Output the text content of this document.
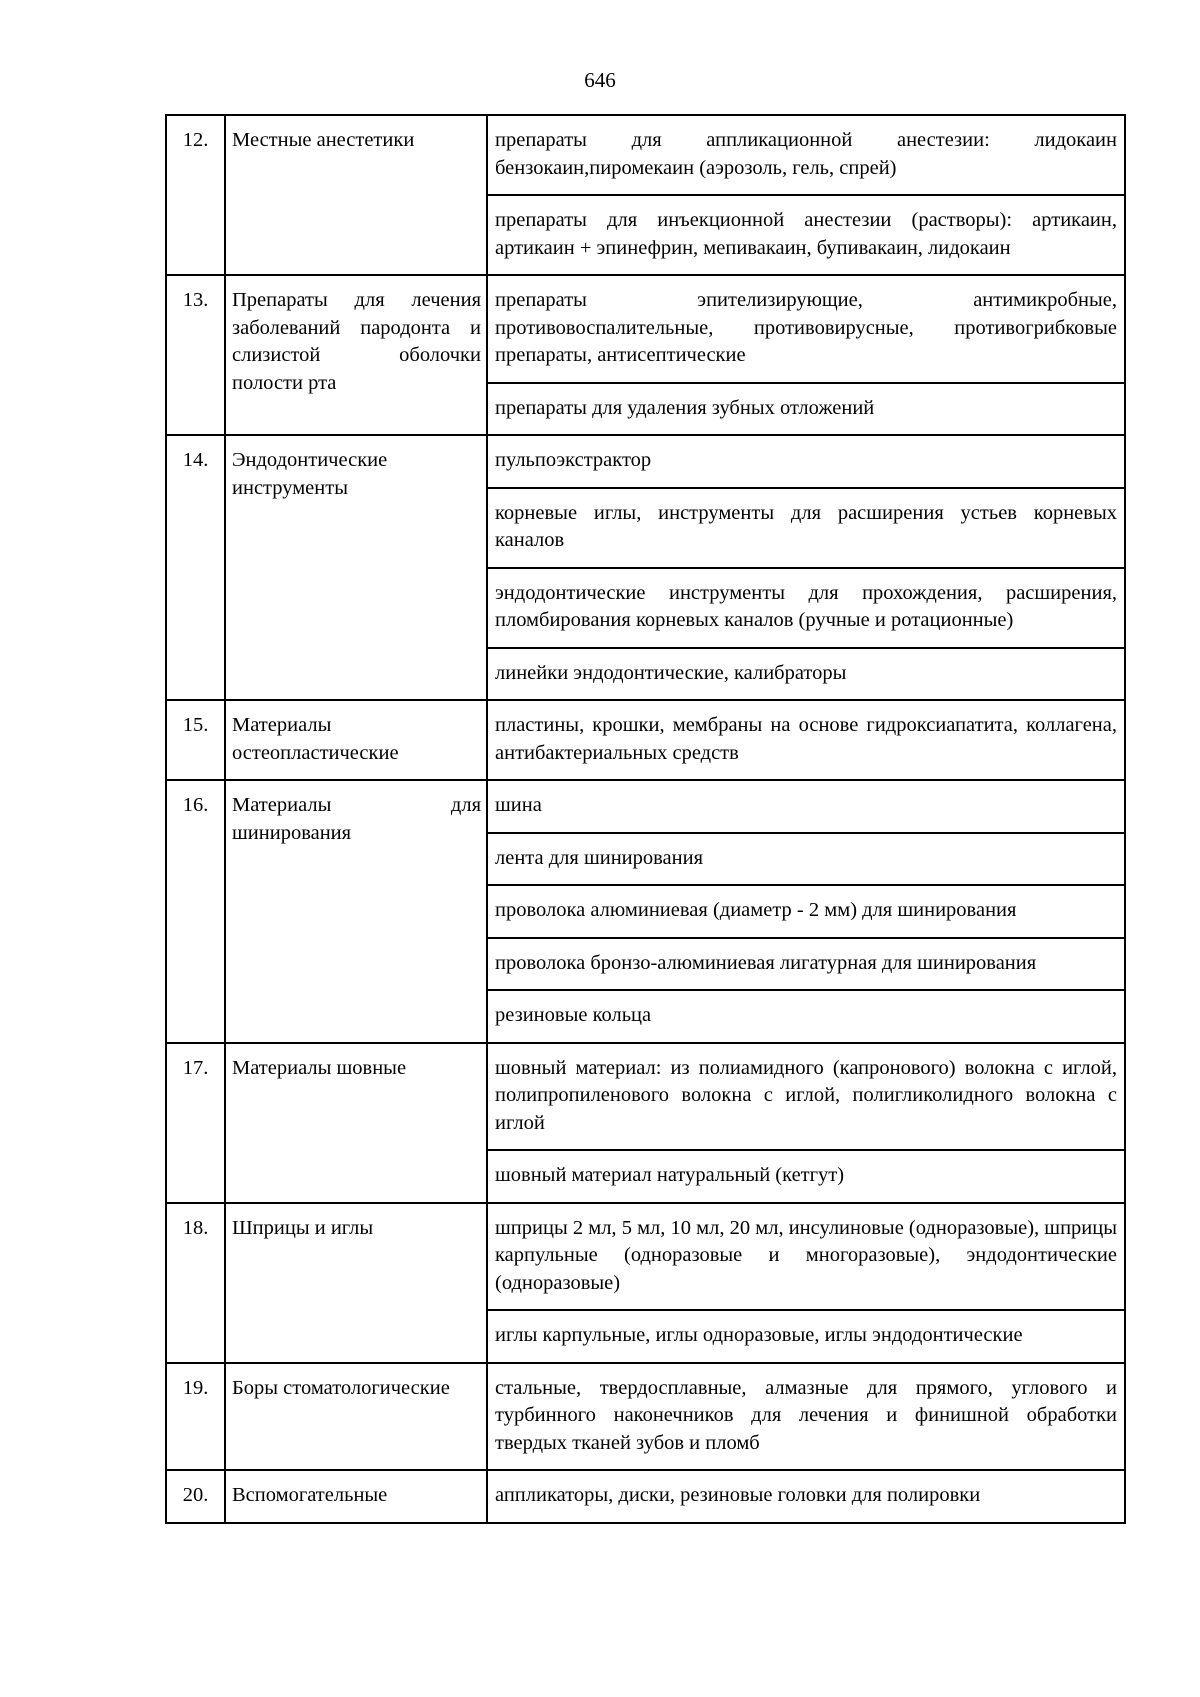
646
12.	Местные анестетики	препараты для аппликационной анестезии: лидокаин бензокаин,пиромекаин (аэрозоль, гель, спрей)

		препараты для инъекционной анестезии (растворы): артикаин, артикаин + эпинефрин, мепивакаин, бупивакаин, лидокаин

13.	Препараты для лечения заболеваний пародонта и слизистой оболочки полости рта	препараты эпителизирующие, антимикробные, противовоспалительные, противовирусные, противогрибковые препараты, антисептические

		препараты для удаления зубных отложений

14.	Эндодонтические инструменты	пульпоэкстрактор

		корневые иглы, инструменты для расширения устьев корневых каналов

		эндодонтические инструменты для прохождения, расширения, пломбирования корневых каналов (ручные и ротационные)

		линейки эндодонтические, калибраторы

15.	Материалы остеопластические	пластины, крошки, мембраны на основе гидроксиапатита, коллагена, антибактериальных средств

16.	Материалы для шинирования	шина

		лента для шинирования

		проволока алюминиевая (диаметр - 2 мм) для шинирования

		проволока бронзо-алюминиевая лигатурная для шинирования

		резиновые кольца

17.	Материалы шовные	шовный материал: из полиамидного (капронового) волокна с иглой, полипропиленового волокна с иглой, полигликолидного волокна с иглой

		шовный материал натуральный (кетгут)

18.	Шприцы и иглы	шприцы 2 мл, 5 мл, 10 мл, 20 мл, инсулиновые (одноразовые), шприцы карпульные (одноразовые и многоразовые), эндодонтические (одноразовые)

		иглы карпульные, иглы одноразовые, иглы эндодонтические

19.	Боры стоматологические	стальные, твердосплавные, алмазные для прямого, углового и турбинного наконечников для лечения и финишной обработки твердых тканей зубов и пломб

20.	Вспомогательные	аппликаторы, диски, резиновые головки для полировки
